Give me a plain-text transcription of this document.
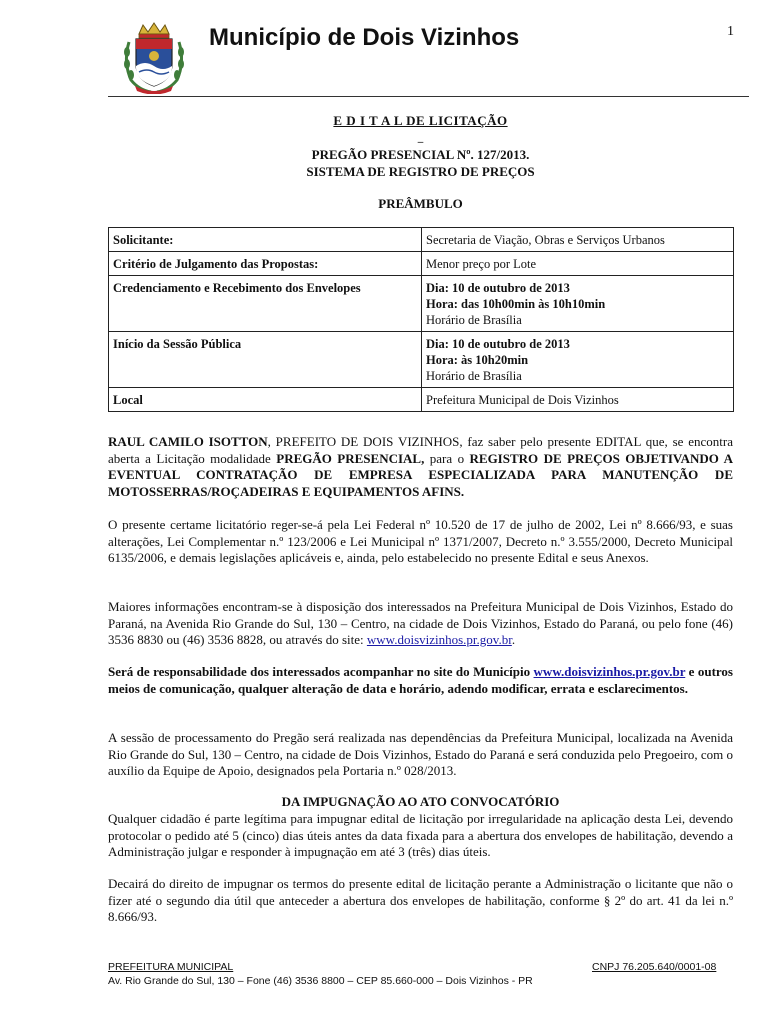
Município de Dois Vizinhos	1
E D I T A L DE LICITAÇÃO
_
PREGÃO PRESENCIAL Nº. 127/2013.
SISTEMA DE REGISTRO DE PREÇOS
PREÂMBULO
Solicitante:	Secretaria de Viação, Obras e Serviços Urbanos
Critério de Julgamento das Propostas:	Menor preço por Lote
Credenciamento e Recebimento dos Envelopes	Dia: 10 de outubro de 2013
Hora: das 10h00min às 10h10min
Horário de Brasília

Início da Sessão Pública	Dia: 10 de outubro de 2013
Hora: às 10h20min
Horário de Brasília

Local	Prefeitura Municipal de Dois Vizinhos
RAUL CAMILO ISOTTON, PREFEITO DE DOIS VIZINHOS, faz saber pelo presente EDITAL que, se encontra aberta a Licitação modalidade PREGÃO PRESENCIAL, para o REGISTRO DE PREÇOS OBJETIVANDO A EVENTUAL CONTRATAÇÃO DE EMPRESA ESPECIALIZADA PARA MANUTENÇÃO DE MOTOSSERRAS/ROÇADEIRAS E EQUIPAMENTOS AFINS.
O presente certame licitatório reger-se-á pela Lei Federal nº 10.520 de 17 de julho de 2002, Lei nº 8.666/93, e suas alterações, Lei Complementar n.º 123/2006 e Lei Municipal nº 1371/2007, Decreto n.º 3.555/2000, Decreto Municipal 6135/2006, e demais legislações aplicáveis e, ainda, pelo estabelecido no presente Edital e seus Anexos.
Maiores informações encontram-se à disposição dos interessados na Prefeitura Municipal de Dois Vizinhos, Estado do Paraná, na Avenida Rio Grande do Sul, 130 – Centro, na cidade de Dois Vizinhos, Estado do Paraná, ou pelo fone (46) 3536 8830 ou (46) 3536 8828, ou através do site: www.doisvizinhos.pr.gov.br.
Será de responsabilidade dos interessados acompanhar no site do Município www.doisvizinhos.pr.gov.br e outros meios de comunicação, qualquer alteração de data e horário, adendo modificar, errata e esclarecimentos.
A sessão de processamento do Pregão será realizada nas dependências da Prefeitura Municipal, localizada na Avenida Rio Grande do Sul, 130 – Centro, na cidade de Dois Vizinhos, Estado do Paraná e será conduzida pelo Pregoeiro, com o auxílio da Equipe de Apoio, designados pela Portaria n.º 028/2013.
DA IMPUGNAÇÃO AO ATO CONVOCATÓRIO
Qualquer cidadão é parte legítima para impugnar edital de licitação por irregularidade na aplicação desta Lei, devendo protocolar o pedido até 5 (cinco) dias úteis antes da data fixada para a abertura dos envelopes de habilitação, devendo a Administração julgar e responder à impugnação em até 3 (três) dias úteis.
Decairá do direito de impugnar os termos do presente edital de licitação perante a Administração o licitante que não o fizer até o segundo dia útil que anteceder a abertura dos envelopes de habilitação, conforme § 2º do art. 41 da lei n.º 8.666/93.
PREFEITURA MUNICIPAL	CNPJ 76.205.640/0001-08
Av. Rio Grande do Sul, 130 – Fone (46) 3536 8800 – CEP 85.660-000 – Dois Vizinhos - PR
